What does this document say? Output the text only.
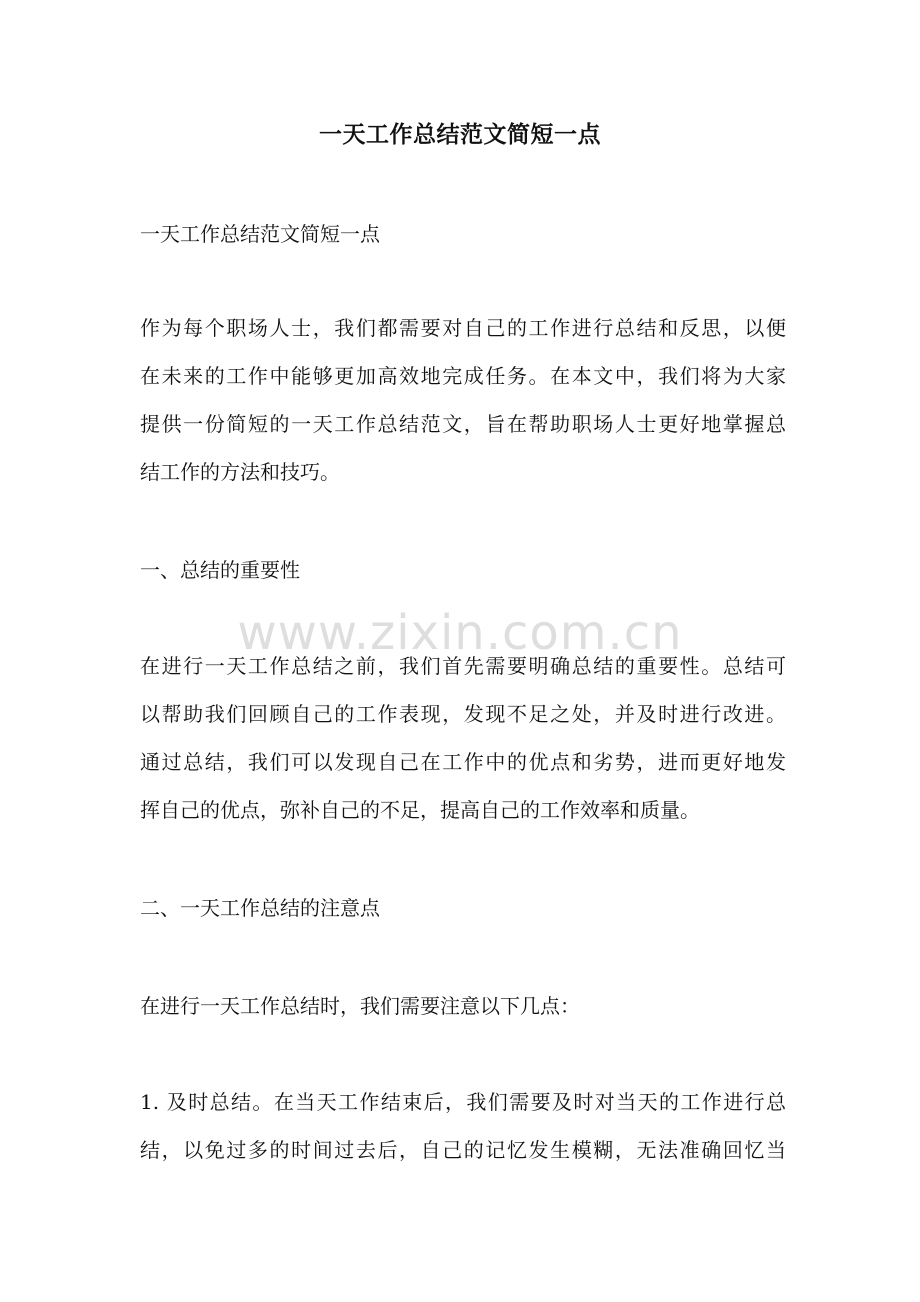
一天工作总结范文简短一点
一天工作总结范文简短一点
作为每个职场人士，我们都需要对自己的工作进行总结和反思，以便
在未来的工作中能够更加高效地完成任务。在本文中，我们将为大家
提供一份简短的一天工作总结范文，旨在帮助职场人士更好地掌握总
结工作的方法和技巧。
一、总结的重要性
www.zixin.com.cn
在进行一天工作总结之前，我们首先需要明确总结的重要性。总结可
以帮助我们回顾自己的工作表现，发现不足之处，并及时进行改进。
通过总结，我们可以发现自己在工作中的优点和劣势，进而更好地发
挥自己的优点，弥补自己的不足，提高自己的工作效率和质量。
二、一天工作总结的注意点
在进行一天工作总结时，我们需要注意以下几点：
1. 及时总结。在当天工作结束后，我们需要及时对当天的工作进行总
结，以免过多的时间过去后，自己的记忆发生模糊，无法准确回忆当
